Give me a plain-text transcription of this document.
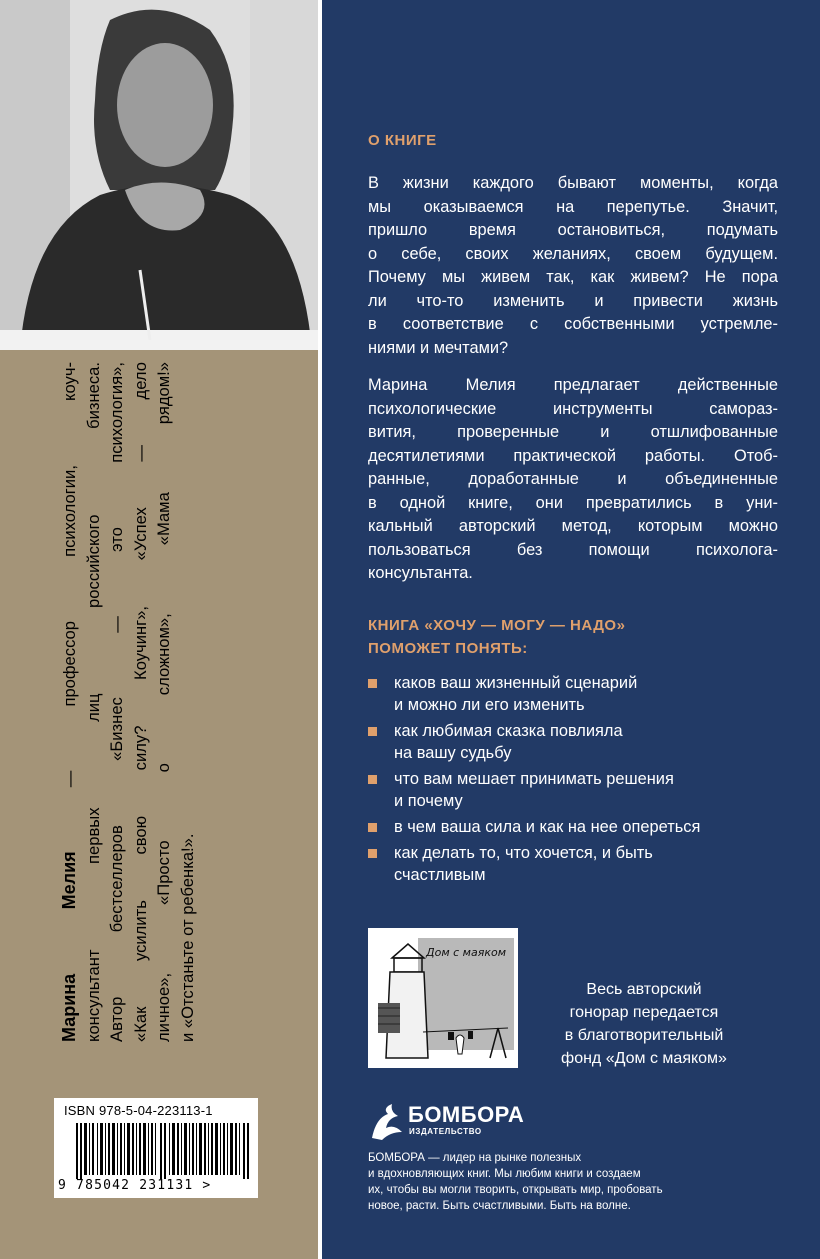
Марина Мелия — профессор психологии, коуч- консультант первых лиц российского бизнеса. Автор бестселлеров «Бизнес — это психология», «Как усилить свою силу? Коучинг», «Успех — дело личное», «Просто о сложном», «Мама рядом!» и «Отстаньте от ребенка!».
ISBN 978-5-04-223113-1
9 785042 231131 >
О КНИГЕ
В жизни каждого бывают моменты, когда
мы оказываемся на перепутье. Значит,
пришло время остановиться, подумать
о себе, своих желаниях, своем будущем.
Почему мы живем так, как живем? Не пора
ли что-то изменить и привести жизнь
в соответствие с собственными устремле-
ниями и мечтами?
Марина Мелия предлагает действенные
психологические инструменты самораз-
вития, проверенные и отшлифованные
десятилетиями практической работы. Отоб-
ранные, доработанные и объединенные
в одной книге, они превратились в уни-
кальный авторский метод, которым можно
пользоваться без помощи психолога-
консультанта.
КНИГА «ХОЧУ — МОГУ — НАДО»
ПОМОЖЕТ ПОНЯТЬ:
каков ваш жизненный сценарий
и можно ли его изменить
как любимая сказка повлияла
на вашу судьбу
что вам мешает принимать решения
и почему
в чем ваша сила и как на нее опереться
как делать то, что хочется, и быть
счастливым
Дом с маяком
Весь авторский
гонорар передается
в благотворительный
фонд «Дом с маяком»
БОМБОРА
ИЗДАТЕЛЬСТВО
БОМБОРА — лидер на рынке полезных
и вдохновляющих книг. Мы любим книги и создаем
их, чтобы вы могли творить, открывать мир, пробовать
новое, расти. Быть счастливыми. Быть на волне.
